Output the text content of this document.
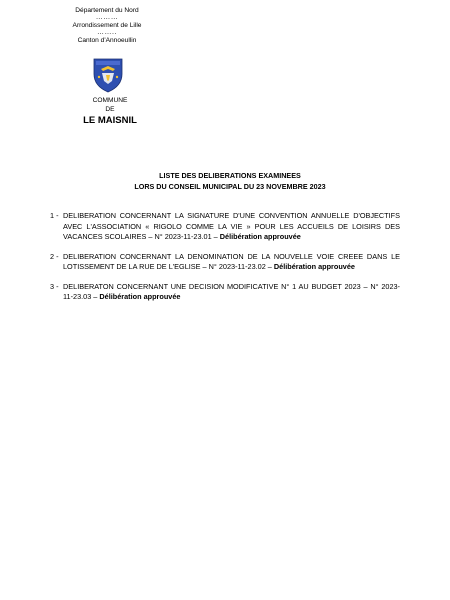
Département du Nord
………
Arrondissement de Lille
……..
Canton d'Annoeullin
COMMUNE
DE
LE MAISNIL
LISTE DES DELIBERATIONS EXAMINEES
LORS DU CONSEIL MUNICIPAL DU 23 NOVEMBRE 2023
1 - DELIBERATION CONCERNANT LA SIGNATURE D'UNE CONVENTION ANNUELLE D'OBJECTIFS AVEC L'ASSOCIATION « RIGOLO COMME LA VIE » POUR LES ACCUEILS DE LOISIRS DES VACANCES SCOLAIRES – N° 2023-11-23.01 – Délibération approuvée
2 - DELIBERATION CONCERNANT LA DENOMINATION DE LA NOUVELLE VOIE CREEE DANS LE LOTISSEMENT DE LA RUE DE L'EGLISE – N° 2023-11-23.02 – Délibération approuvée
3 - DELIBERATON CONCERNANT UNE DECISION MODIFICATIVE N° 1 AU BUDGET 2023 – N° 2023-11-23.03 – Délibération approuvée
